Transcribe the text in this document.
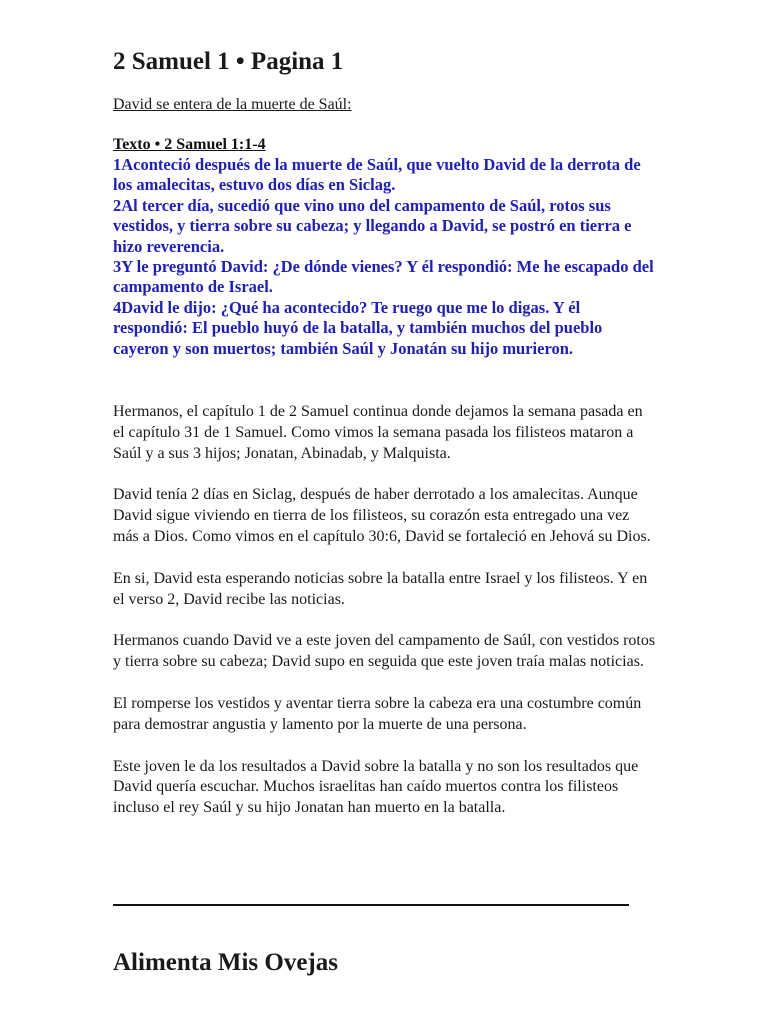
2 Samuel 1 • Pagina 1
David se entera de la muerte de Saúl:
Texto • 2 Samuel 1:1-4

1Aconteció después de la muerte de Saúl, que vuelto David de la derrota de los amalecitas, estuvo dos días en Siclag.

2Al tercer día, sucedió que vino uno del campamento de Saúl, rotos sus vestidos, y tierra sobre su cabeza; y llegando a David, se postró en tierra e hizo reverencia.

3Y le preguntó David: ¿De dónde vienes? Y él respondió: Me he escapado del campamento de Israel.

4David le dijo: ¿Qué ha acontecido? Te ruego que me lo digas. Y él respondió: El pueblo huyó de la batalla, y también muchos del pueblo cayeron y son muertos; también Saúl y Jonatán su hijo murieron.

Hermanos, el capítulo 1 de 2 Samuel continua donde dejamos la semana pasada en el capítulo 31 de 1 Samuel. Como vimos la semana pasada los filisteos mataron a Saúl y a sus 3 hijos; Jonatan, Abinadab, y Malquista.

David tenía 2 días en Siclag, después de haber derrotado a los amalecitas. Aunque David sigue viviendo en tierra de los filisteos, su corazón esta entregado una vez más a Dios. Como vimos en el capítulo 30:6, David se fortaleció en Jehová su Dios.

En si, David esta esperando noticias sobre la batalla entre Israel y los filisteos. Y en el verso 2, David recibe las noticias.

Hermanos cuando David ve a este joven del campamento de Saúl, con vestidos rotos y tierra sobre su cabeza; David supo en seguida que este joven traía malas noticias.

El romperse los vestidos y aventar tierra sobre la cabeza era una costumbre común para demostrar angustia y lamento por la muerte de una persona.

Este joven le da los resultados a David sobre la batalla y no son los resultados que David quería escuchar. Muchos israelitas han caído muertos contra los filisteos incluso el rey Saúl y su hijo Jonatan han muerto en la batalla.

Alimenta Mis Ovejas
